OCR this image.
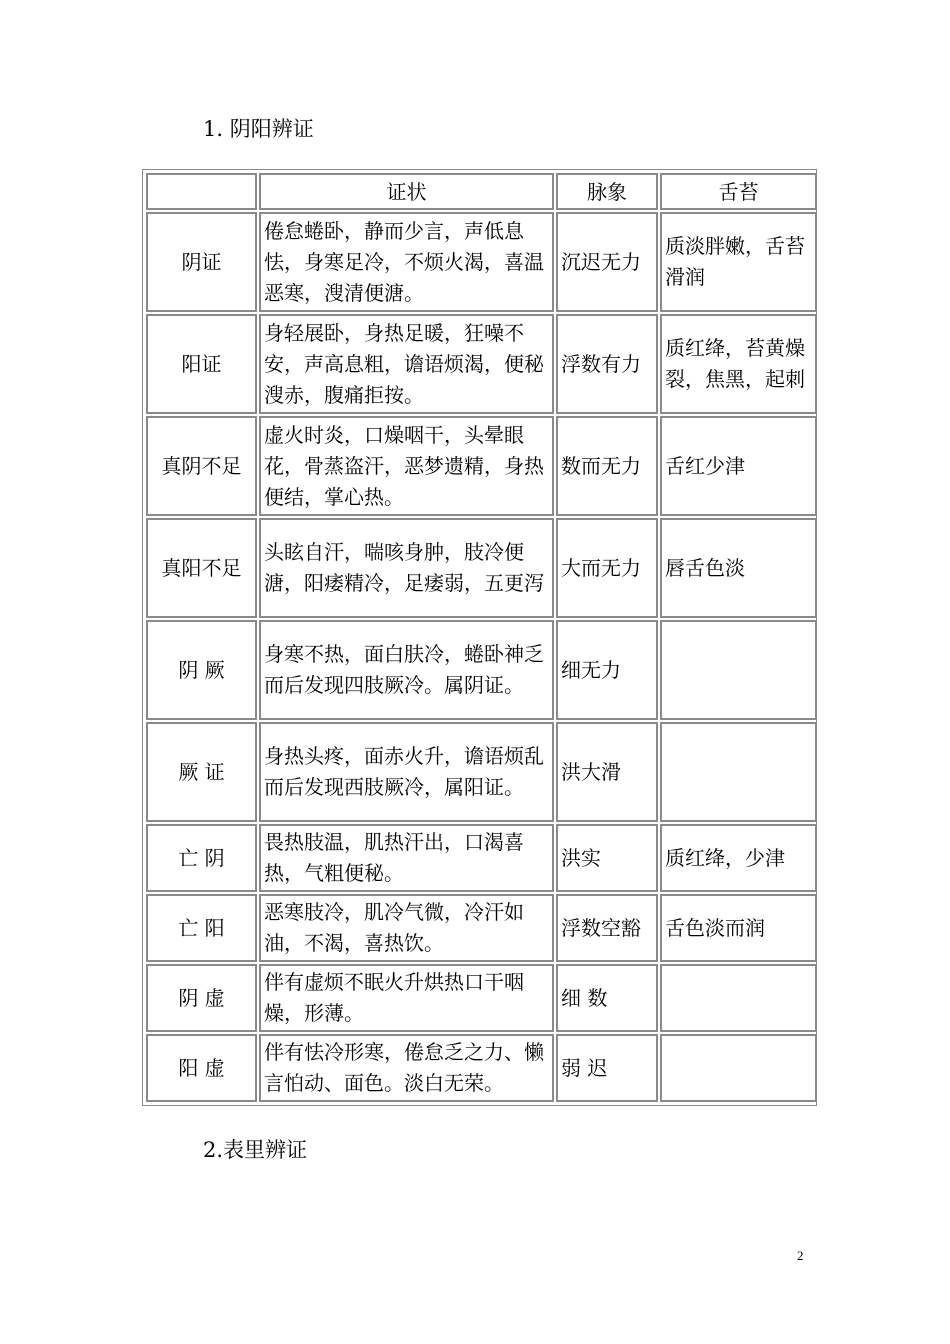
1. 阴阳辨证
	证状	脉象	舌苔
阴证	倦怠蜷卧，静而少言，声低息怯，身寒足冷，不烦火渴，喜温恶寒，溲清便溏。	沉迟无力	质淡胖嫩，舌苔滑润
阳证	身轻展卧，身热足暖，狂噪不安，声高息粗，谵语烦渴，便秘溲赤，腹痛拒按。	浮数有力	质红绛，苔黄燥裂，焦黑，起刺
真阴不足	虚火时炎，口燥咽干，头晕眼花，骨蒸盗汗，恶梦遗精，身热便结，掌心热。	数而无力	舌红少津
真阳不足	头眩自汗，喘咳身肿，肢冷便溏，阳痿精冷，足痿弱，五更泻	大而无力	唇舌色淡
阴 厥	身寒不热，面白肤冷，蜷卧神乏而后发现四肢厥冷。属阴证。	细无力	
厥 证	身热头疼，面赤火升，谵语烦乱而后发现西肢厥冷，属阳证。	洪大滑	
亡 阴	畏热肢温，肌热汗出，口渴喜热，气粗便秘。	洪实	质红绛，少津
亡 阳	恶寒肢冷，肌冷气微，冷汗如油，不渴，喜热饮。	浮数空豁	舌色淡而润
阴 虚	伴有虚烦不眠火升烘热口干咽燥，形薄。	细 数	
阳 虚	伴有怯冷形寒，倦怠乏之力、懒言怕动、面色。淡白无荣。	弱 迟	
2.表里辨证
2
